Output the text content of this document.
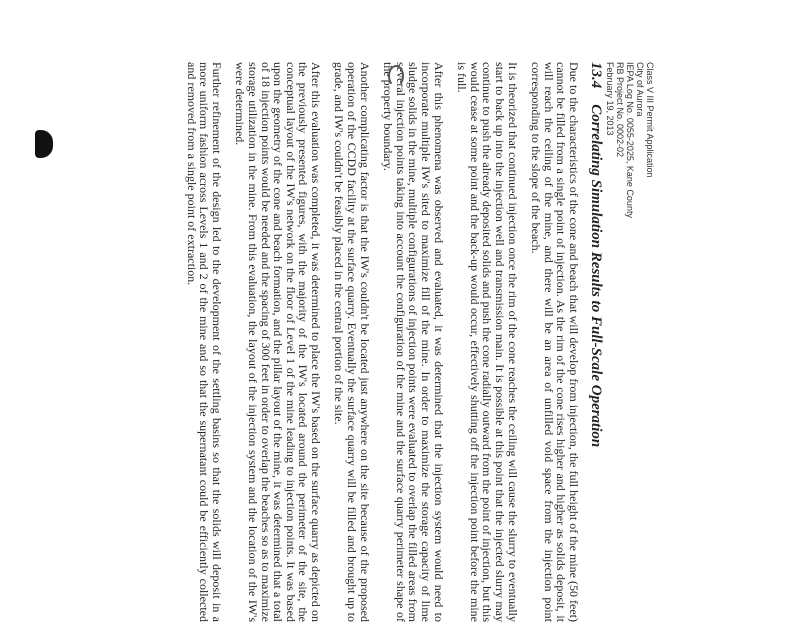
Class V III Permit Application
City of Aurora
IEPA Log No. 0055-2025, Kane County
RB Project No. 0002-02
February 19, 2013
13.4Correlating Simulation Results to Full-Scale Operation

Due to the characteristics of the cone and beach that will develop from injection, the full height of the mine (50 feet) cannot be filled from a single point of injection. As the rim of the cone rises higher and higher as solids deposit, it will reach the ceiling of the mine, and there will be an area of unfilled void space from the injection point corresponding to the slope of the beach.

It is theorized that continued injection once the rim of the cone reaches the ceiling will cause the slurry to eventually start to back up into the injection well and transmission main. It is possible at this point that the injected slurry may continue to push the already deposited solids and push the cone radially outward from the point of injection, but this would cease at some point and the back-up would occur, effectively shutting off the injection point before the mine is full.

After this phenomena was observed and evaluated, it was determined that the injection system would need to incorporate multiple IW's sited to maximize fill of the mine. In order to maximize the storage capacity of lime sludge solids in the mine, multiple configurations of injection points were evaluated to overlap the filled areas from several injection points taking into account the configuration of the mine and the surface quarry perimeter shape of the property boundary.

Another complicating factor is that the IW's couldn't be located just anywhere on the site because of the proposed operation of the CCDD facility at the surface quarry. Eventually the surface quarry will be filled and brought up to grade, and IW's couldn't be feasibly placed in the central portion of the site.

After this evaluation was completed, it was determined to place the IW's based on the surface quarry as depicted on the previously presented figures, with the majority of the IW's located around the perimeter of the site, the conceptual layout of the IW's network on the floor of Level 1 of the mine leading to injection points. It was based upon the geometry of the cone and beach formation, and the pillar layout of the mine, it was determined that a total of 18 injection points would be needed and the spacing of 300 feet in order to overlap the beaches so as to maximize storage utilization in the mine. From this evaluation, the layout of the injection system and the location of the IW's were determined.

Further refinement of the design led to the development of the settling basins so that the solids will deposit in a more uniform fashion across Levels 1 and 2 of the mine and so that the supernatant could be efficiently collected and removed from a single point of extraction.
